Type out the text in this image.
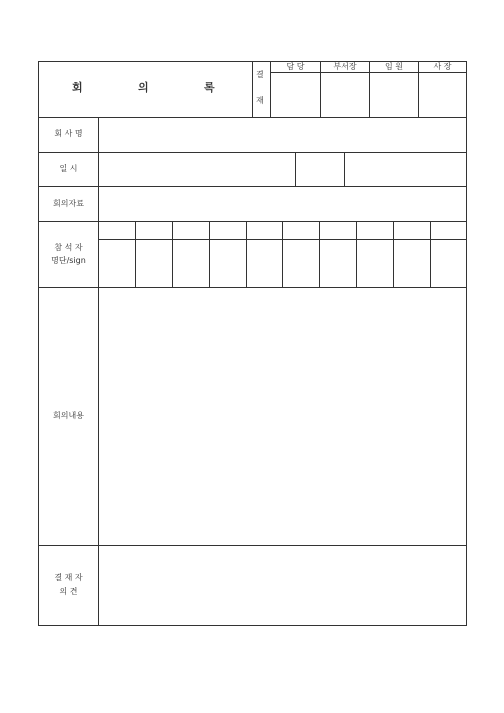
회	의	록
결
재
담 당	부서장	임 원	사 장
회 사 명
일 시
회의자료
참 석 자
명단/sign
회의내용
결 재 자
의 견
